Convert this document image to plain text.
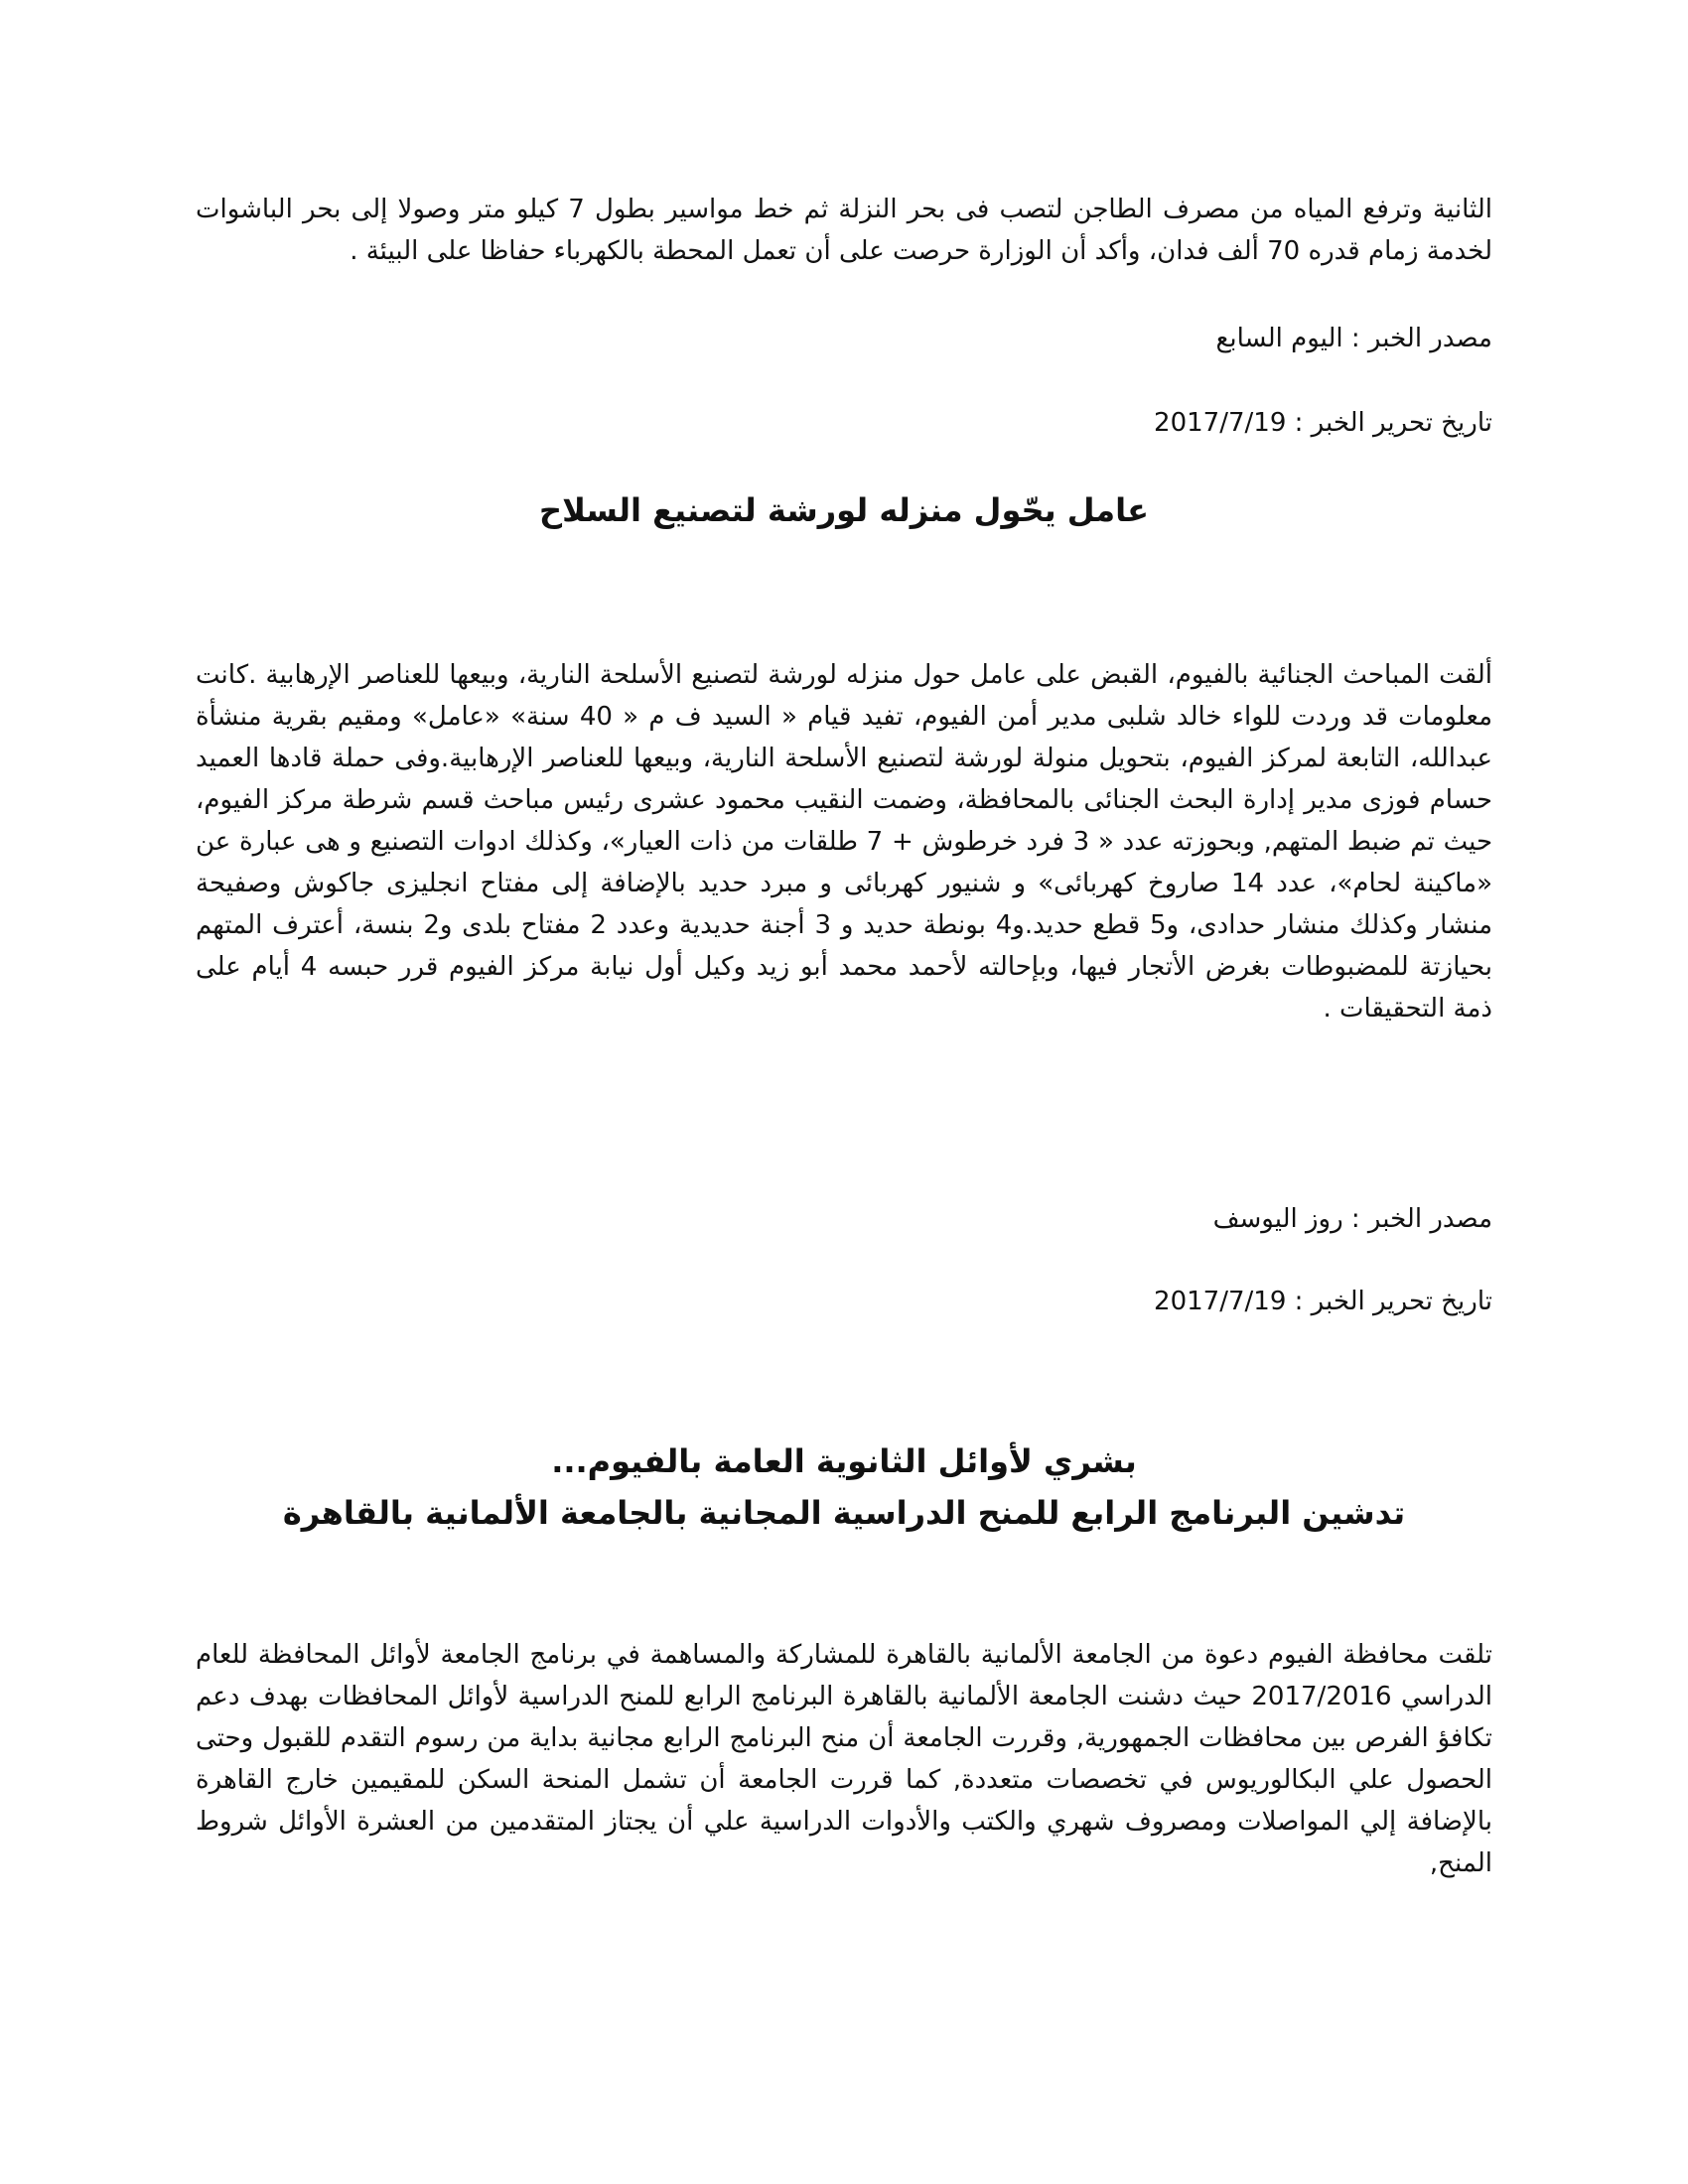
الثانية وترفع المياه من مصرف الطاجن لتصب فى بحر النزلة ثم خط مواسير بطول 7 كيلو متر وصولا إلى بحر الباشوات لخدمة زمام قدره 70 ألف فدان، وأكد أن الوزارة حرصت على أن تعمل المحطة بالكهرباء حفاظا على البيئة .

مصدر الخبر : اليوم السابع

تاريخ تحرير الخبر : 2017/7/19

عامل يحّول منزله لورشة لتصنيع السلاح

ألقت المباحث الجنائية بالفيوم، القبض على عامل حول منزله لورشة لتصنيع الأسلحة النارية، وبيعها للعناصر الإرهابية .كانت معلومات قد وردت للواء خالد شلبى مدير أمن الفيوم، تفيد قيام « السيد ف م « 40 سنة» «عامل» ومقيم بقرية منشأة عبدالله، التابعة لمركز الفيوم، بتحويل منولة لورشة لتصنيع الأسلحة النارية، وبيعها للعناصر الإرهابية.وفى حملة قادها العميد حسام فوزى مدير إدارة البحث الجنائى بالمحافظة، وضمت النقيب محمود عشرى رئيس مباحث قسم شرطة مركز الفيوم، حيث تم ضبط المتهم, وبحوزته عدد « 3 فرد خرطوش + 7 طلقات من ذات العيار»، وكذلك ادوات التصنيع و هى عبارة عن «ماكينة لحام»، عدد 14 صاروخ كهربائى» و شنيور كهربائى و مبرد حديد بالإضافة إلى مفتاح انجليزى جاكوش وصفيحة منشار وكذلك منشار حدادى، و5 قطع حديد.و4 بونطة حديد و 3 أجنة حديدية وعدد 2 مفتاح بلدى و2 بنسة، أعترف المتهم بحيازتة للمضبوطات بغرض الأتجار فيها، وبإحالته لأحمد محمد أبو زيد وكيل أول نيابة مركز الفيوم قرر حبسه 4 أيام على ذمة التحقيقات .

مصدر الخبر : روز اليوسف

تاريخ تحرير الخبر : 2017/7/19

بشري لأوائل الثانوية العامة بالفيوم...
تدشين البرنامج الرابع للمنح الدراسية المجانية بالجامعة الألمانية بالقاهرة

تلقت محافظة الفيوم دعوة من الجامعة الألمانية بالقاهرة للمشاركة والمساهمة في برنامج الجامعة لأوائل المحافظة للعام الدراسي 2017/2016 حيث دشنت الجامعة الألمانية بالقاهرة البرنامج الرابع للمنح الدراسية لأوائل المحافظات بهدف دعم تكافؤ الفرص بين محافظات الجمهورية, وقررت الجامعة أن منح البرنامج الرابع مجانية بداية من رسوم التقدم للقبول وحتى الحصول علي البكالوريوس في تخصصات متعددة, كما قررت الجامعة أن تشمل المنحة السكن للمقيمين خارج القاهرة بالإضافة إلي المواصلات ومصروف شهري والكتب والأدوات الدراسية علي أن يجتاز المتقدمين من العشرة الأوائل شروط المنح,
